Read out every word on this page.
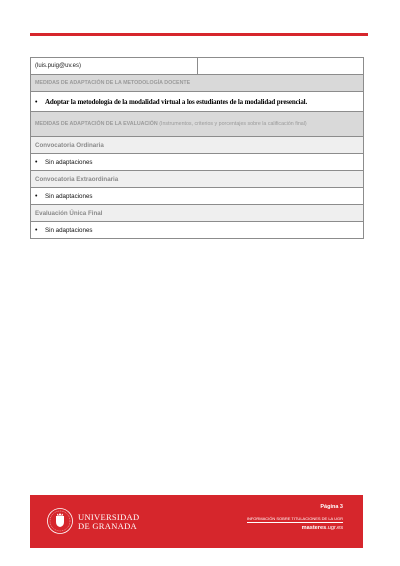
(luis.puig@uv.es)	
MEDIDAS DE ADAPTACIÓN DE LA METODOLOGÍA DOCENTE
• Adoptar la metodología de la modalidad virtual a los estudiantes de la modalidad presencial.
MEDIDAS DE ADAPTACIÓN DE LA EVALUACIÓN (Instrumentos, criterios y porcentajes sobre la calificación final)
Convocatoria Ordinaria
• Sin adaptaciones
Convocatoria Extraordinaria
• Sin adaptaciones
Evaluación Única Final
• Sin adaptaciones
UNIVERSIDAD
DE GRANADA
Página 3
INFORMACIÓN SOBRE TITULACIONES DE LA UGR
masteres.ugr.es
